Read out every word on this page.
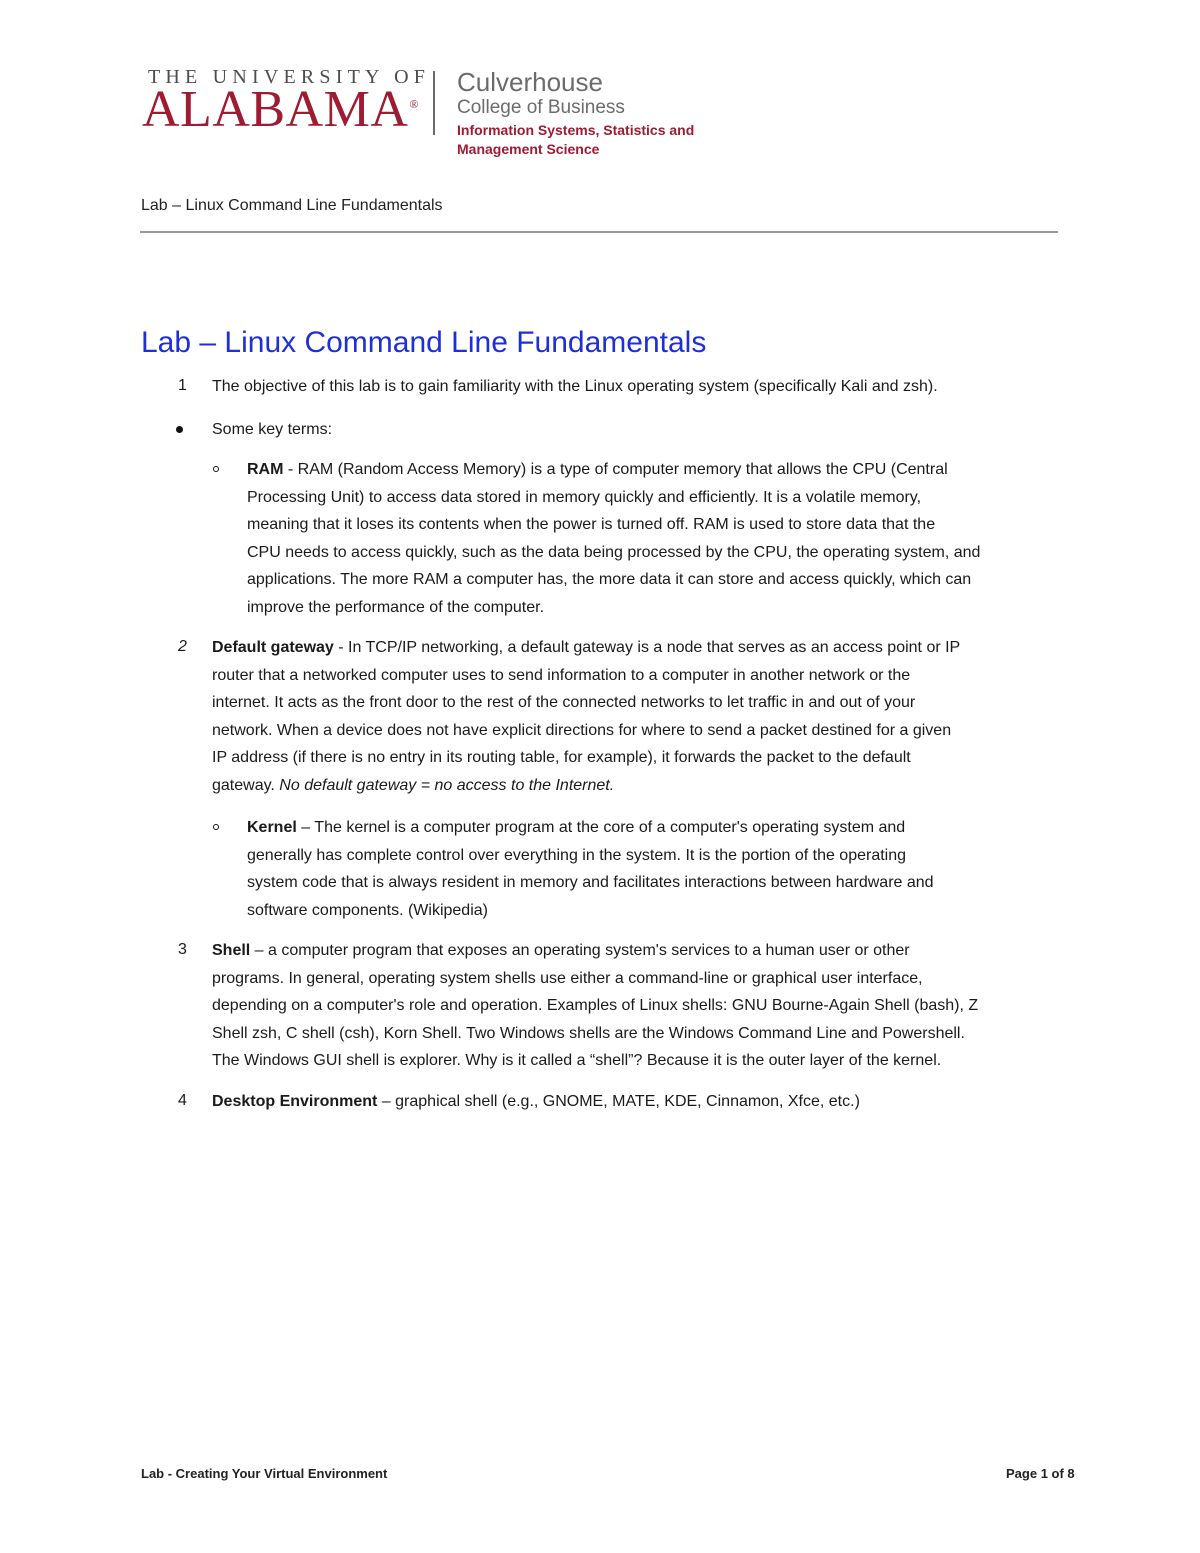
THE UNIVERSITY OF
ALABAMA®
Culverhouse
College of Business
Information Systems, Statistics and
Management Science
Lab – Linux Command Line Fundamentals
Lab – Linux Command Line Fundamentals
1 The objective of this lab is to gain familiarity with the Linux operating system (specifically Kali and zsh).
Some key terms:
RAM - RAM (Random Access Memory) is a type of computer memory that allows the CPU (Central
Processing Unit) to access data stored in memory quickly and efficiently. It is a volatile memory,
meaning that it loses its contents when the power is turned off. RAM is used to store data that the
CPU needs to access quickly, such as the data being processed by the CPU, the operating system, and
applications. The more RAM a computer has, the more data it can store and access quickly, which can
improve the performance of the computer.
2 Default gateway - In TCP/IP networking, a default gateway is a node that serves as an access point or IP
router that a networked computer uses to send information to a computer in another network or the
internet. It acts as the front door to the rest of the connected networks to let traffic in and out of your
network. When a device does not have explicit directions for where to send a packet destined for a given
IP address (if there is no entry in its routing table, for example), it forwards the packet to the default
gateway. No default gateway = no access to the Internet.
Kernel – The kernel is a computer program at the core of a computer's operating system and
generally has complete control over everything in the system. It is the portion of the operating
system code that is always resident in memory and facilitates interactions between hardware and
software components. (Wikipedia)
3 Shell – a computer program that exposes an operating system's services to a human user or other
programs. In general, operating system shells use either a command-line or graphical user interface,
depending on a computer's role and operation. Examples of Linux shells: GNU Bourne-Again Shell (bash), Z
Shell zsh, C shell (csh), Korn Shell. Two Windows shells are the Windows Command Line and Powershell.
The Windows GUI shell is explorer. Why is it called a “shell”? Because it is the outer layer of the kernel.
4 Desktop Environment – graphical shell (e.g., GNOME, MATE, KDE, Cinnamon, Xfce, etc.)
Lab - Creating Your Virtual Environment	Page 1 of 8
